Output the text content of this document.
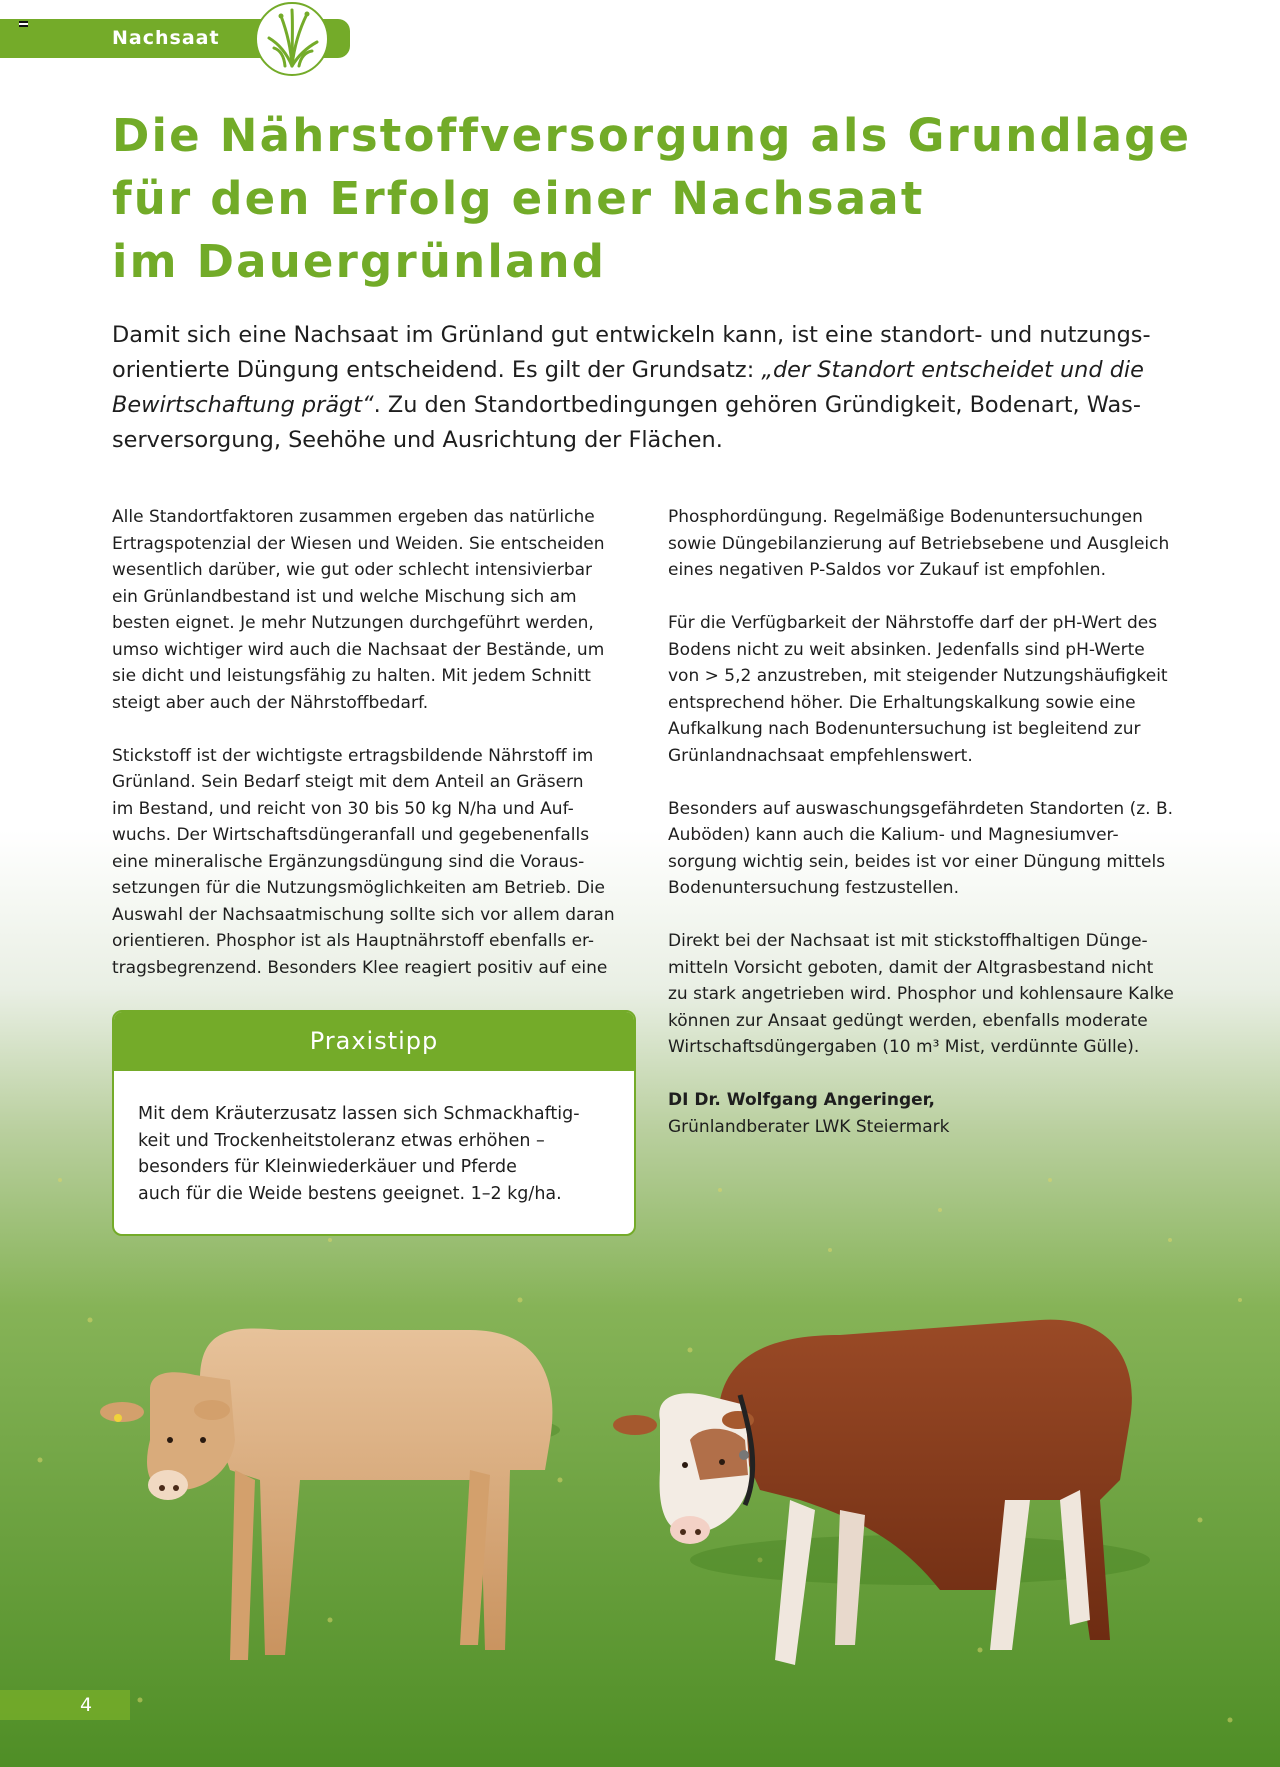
Nachsaat
Die Nährstoffversorgung als Grundlage
für den Erfolg einer Nachsaat
im Dauergrünland

Damit sich eine Nachsaat im Grünland gut entwickeln kann, ist eine standort- und nutzungs-
orientierte Düngung entscheidend. Es gilt der Grundsatz: „der Standort entscheidet und die
Bewirtschaftung prägt“. Zu den Standortbedingungen gehören Gründigkeit, Bodenart, Was-
serversorgung, Seehöhe und Ausrichtung der Flächen.

Alle Standortfaktoren zusammen ergeben das natürliche
Ertragspotenzial der Wiesen und Weiden. Sie entscheiden
wesentlich darüber, wie gut oder schlecht intensivierbar
ein Grünlandbestand ist und welche Mischung sich am
besten eignet. Je mehr Nutzungen durchgeführt werden,
umso wichtiger wird auch die Nachsaat der Bestände, um
sie dicht und leistungsfähig zu halten. Mit jedem Schnitt
steigt aber auch der Nährstoffbedarf.
Stickstoff ist der wichtigste ertragsbildende Nährstoff im
Grünland. Sein Bedarf steigt mit dem Anteil an Gräsern
im Bestand, und reicht von 30 bis 50 kg N/ha und Auf-
wuchs. Der Wirtschaftsdüngeranfall und gegebenenfalls
eine mineralische Ergänzungsdüngung sind die Voraus-
setzungen für die Nutzungsmöglichkeiten am Betrieb. Die
Auswahl der Nachsaatmischung sollte sich vor allem daran
orientieren. Phosphor ist als Hauptnährstoff ebenfalls er-
tragsbegrenzend. Besonders Klee reagiert positiv auf eine
Phosphordüngung. Regelmäßige Bodenuntersuchungen
sowie Düngebilanzierung auf Betriebsebene und Ausgleich
eines negativen P-Saldos vor Zukauf ist empfohlen.
Für die Verfügbarkeit der Nährstoffe darf der pH-Wert des
Bodens nicht zu weit absinken. Jedenfalls sind pH-Werte
von > 5,2 anzustreben, mit steigender Nutzungshäufigkeit
entsprechend höher. Die Erhaltungskalkung sowie eine
Aufkalkung nach Bodenuntersuchung ist begleitend zur
Grünlandnachsaat empfehlenswert.
Besonders auf auswaschungsgefährdeten Standorten (z. B.
Auböden) kann auch die Kalium- und Magnesiumver-
sorgung wichtig sein, beides ist vor einer Düngung mittels
Bodenuntersuchung festzustellen.
Direkt bei der Nachsaat ist mit stickstoffhaltigen Dünge-
mitteln Vorsicht geboten, damit der Altgrasbestand nicht
zu stark angetrieben wird. Phosphor und kohlensaure Kalke
können zur Ansaat gedüngt werden, ebenfalls moderate
Wirtschaftsdüngergaben (10 m³ Mist, verdünnte Gülle).
DI Dr. Wolfgang Angeringer,
Grünlandberater LWK Steiermark
Praxistipp
Mit dem Kräuterzusatz lassen sich Schmackhaftig-
keit und Trockenheitstoleranz etwas erhöhen –
besonders für Kleinwiederkäuer und Pferde
auch für die Weide bestens geeignet. 1–2 kg/ha.
4
